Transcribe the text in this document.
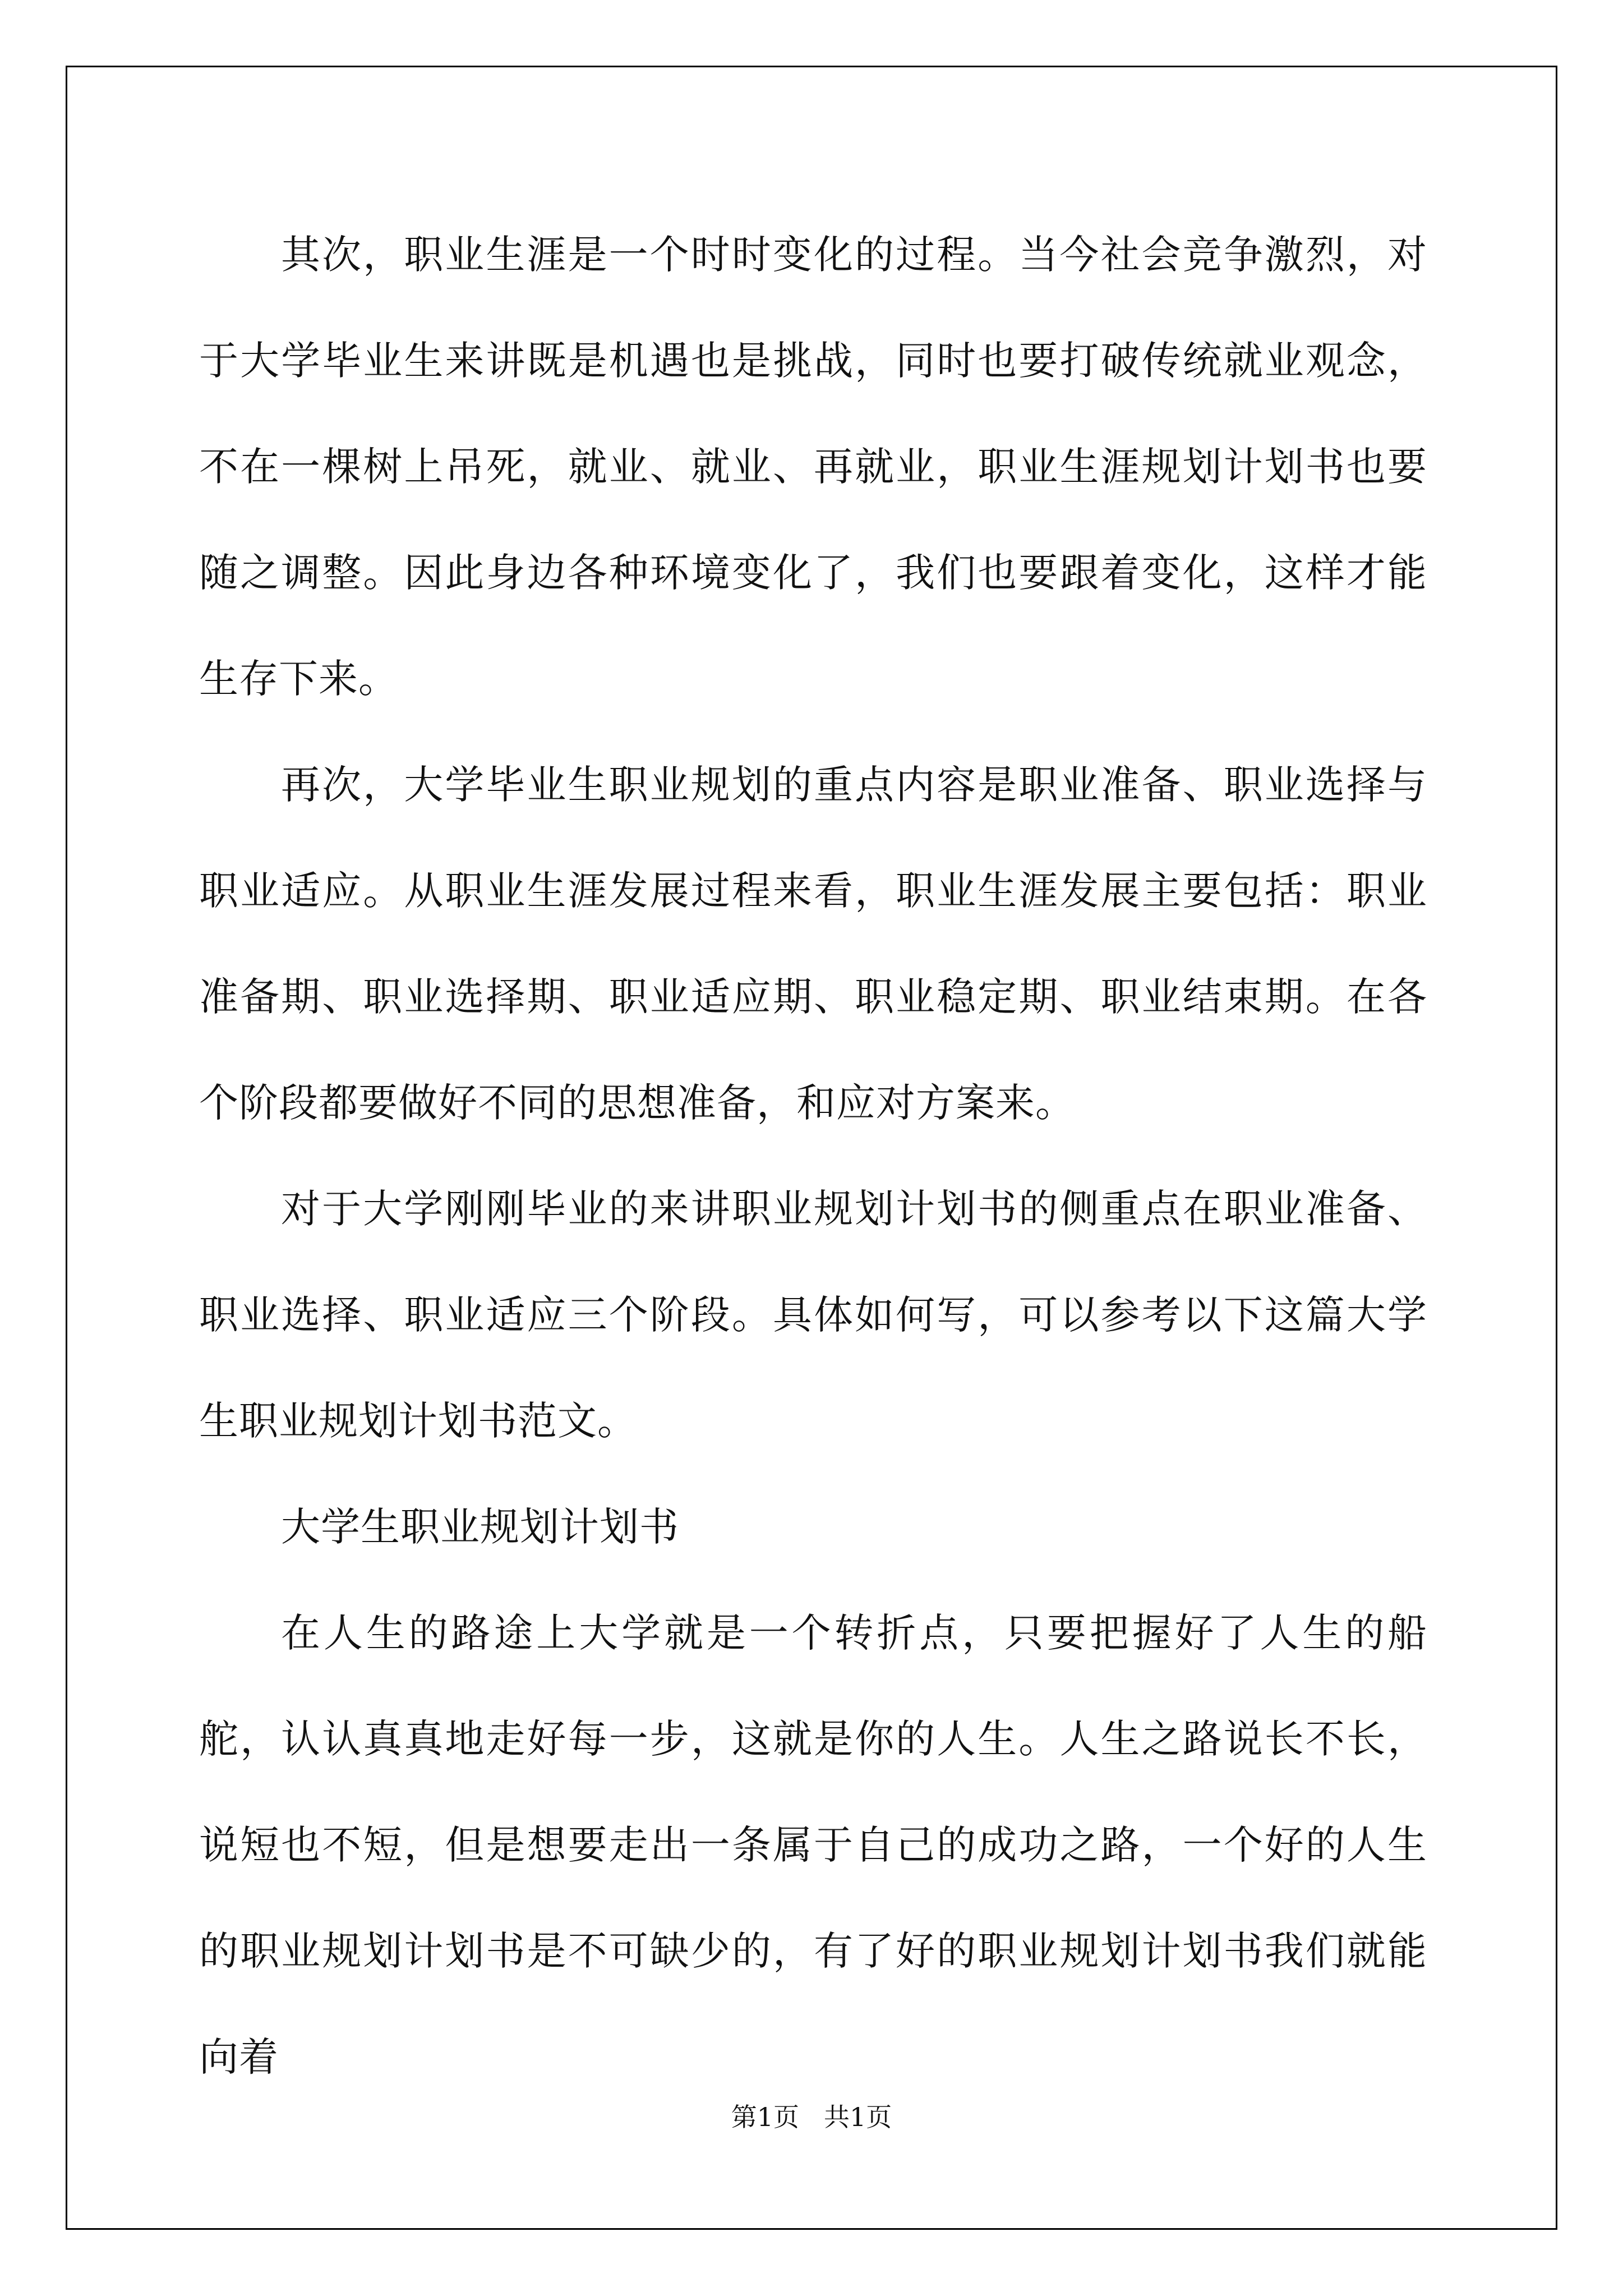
其次，职业生涯是一个时时变化的过程。当今社会竞争激烈，对于大学毕业生来讲既是机遇也是挑战，同时也要打破传统就业观念，不在一棵树上吊死，就业、就业、再就业，职业生涯规划计划书也要随之调整。因此身边各种环境变化了，我们也要跟着变化，这样才能生存下来。

再次，大学毕业生职业规划的重点内容是职业准备、职业选择与职业适应。从职业生涯发展过程来看，职业生涯发展主要包括：职业准备期、职业选择期、职业适应期、职业稳定期、职业结束期。在各个阶段都要做好不同的思想准备，和应对方案来。

对于大学刚刚毕业的来讲职业规划计划书的侧重点在职业准备、职业选择、职业适应三个阶段。具体如何写，可以参考以下这篇大学生职业规划计划书范文。

大学生职业规划计划书

在人生的路途上大学就是一个转折点，只要把握好了人生的船舵，认认真真地走好每一步，这就是你的人生。人生之路说长不长，说短也不短，但是想要走出一条属于自己的成功之路，一个好的人生的职业规划计划书是不可缺少的，有了好的职业规划计划书我们就能向着

第1页 共1页
